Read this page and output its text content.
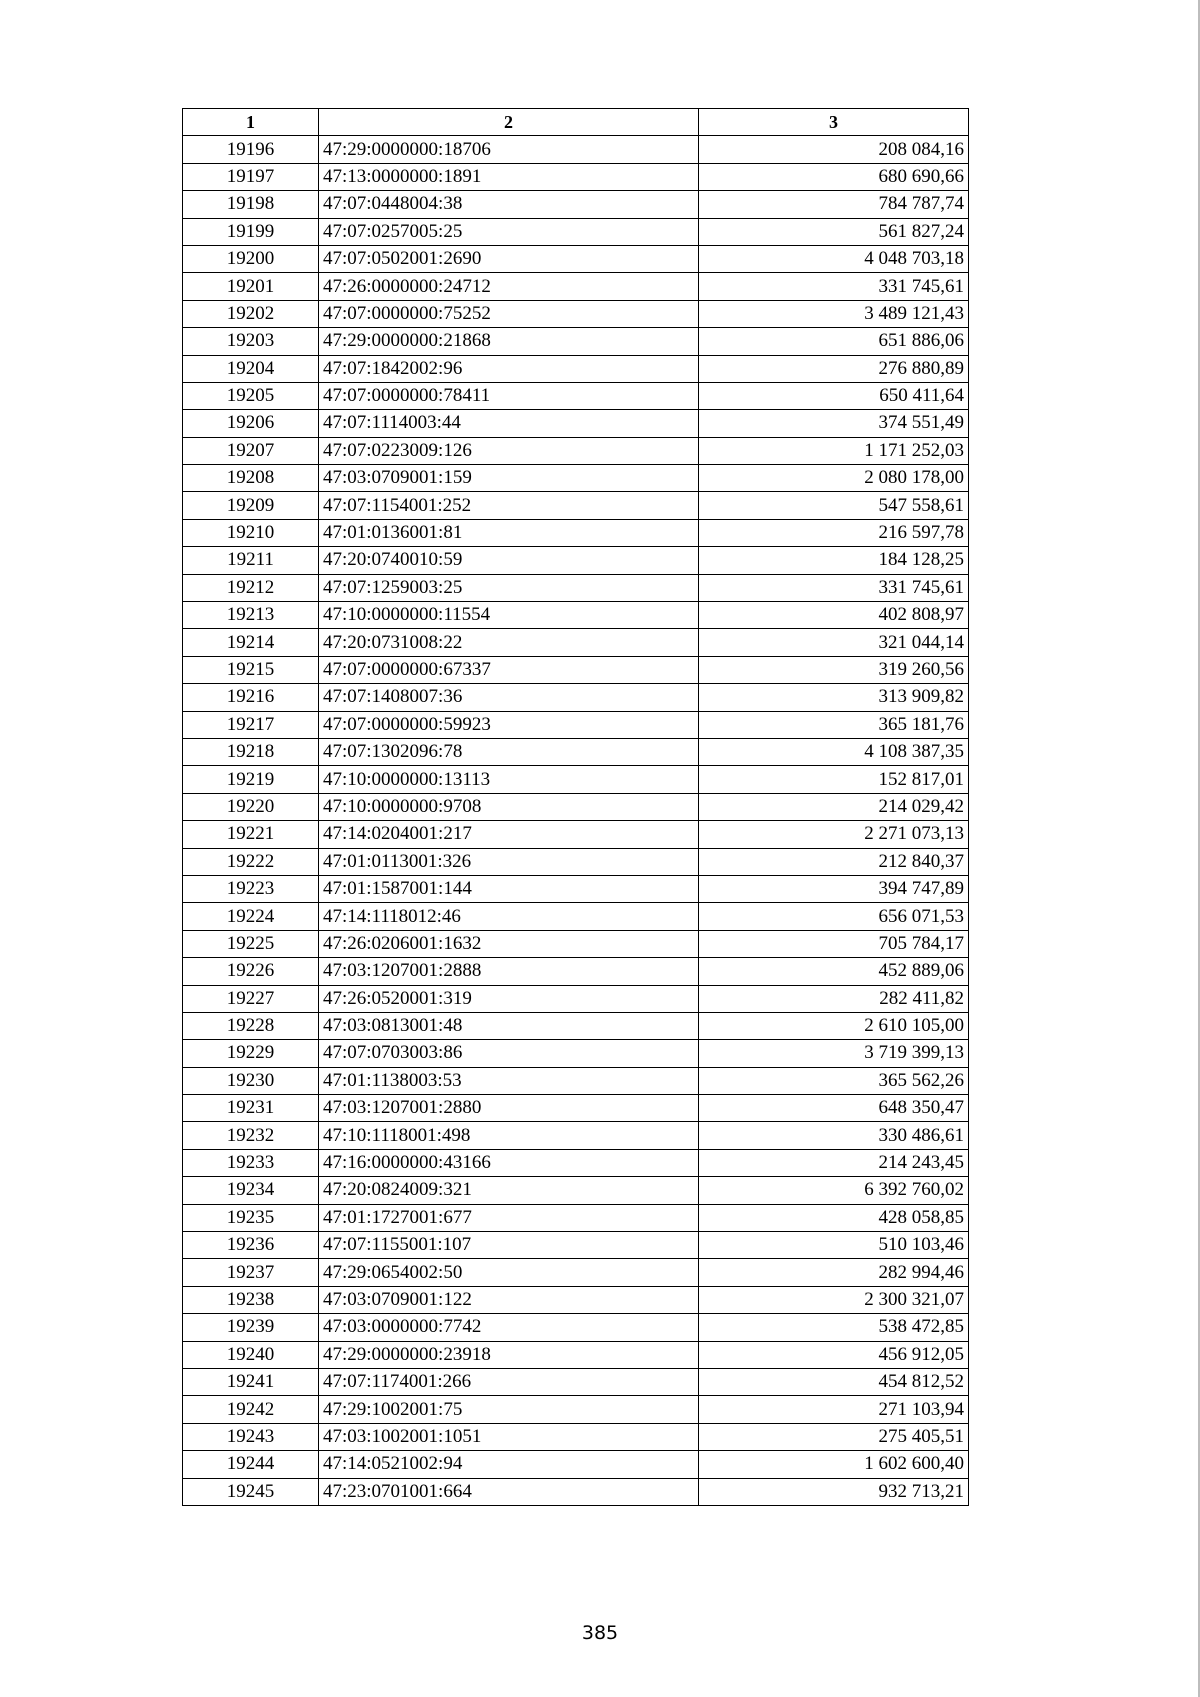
1	2	3
19196	47:29:0000000:18706	208 084,16
19197	47:13:0000000:1891	680 690,66
19198	47:07:0448004:38	784 787,74
19199	47:07:0257005:25	561 827,24
19200	47:07:0502001:2690	4 048 703,18
19201	47:26:0000000:24712	331 745,61
19202	47:07:0000000:75252	3 489 121,43
19203	47:29:0000000:21868	651 886,06
19204	47:07:1842002:96	276 880,89
19205	47:07:0000000:78411	650 411,64
19206	47:07:1114003:44	374 551,49
19207	47:07:0223009:126	1 171 252,03
19208	47:03:0709001:159	2 080 178,00
19209	47:07:1154001:252	547 558,61
19210	47:01:0136001:81	216 597,78
19211	47:20:0740010:59	184 128,25
19212	47:07:1259003:25	331 745,61
19213	47:10:0000000:11554	402 808,97
19214	47:20:0731008:22	321 044,14
19215	47:07:0000000:67337	319 260,56
19216	47:07:1408007:36	313 909,82
19217	47:07:0000000:59923	365 181,76
19218	47:07:1302096:78	4 108 387,35
19219	47:10:0000000:13113	152 817,01
19220	47:10:0000000:9708	214 029,42
19221	47:14:0204001:217	2 271 073,13
19222	47:01:0113001:326	212 840,37
19223	47:01:1587001:144	394 747,89
19224	47:14:1118012:46	656 071,53
19225	47:26:0206001:1632	705 784,17
19226	47:03:1207001:2888	452 889,06
19227	47:26:0520001:319	282 411,82
19228	47:03:0813001:48	2 610 105,00
19229	47:07:0703003:86	3 719 399,13
19230	47:01:1138003:53	365 562,26
19231	47:03:1207001:2880	648 350,47
19232	47:10:1118001:498	330 486,61
19233	47:16:0000000:43166	214 243,45
19234	47:20:0824009:321	6 392 760,02
19235	47:01:1727001:677	428 058,85
19236	47:07:1155001:107	510 103,46
19237	47:29:0654002:50	282 994,46
19238	47:03:0709001:122	2 300 321,07
19239	47:03:0000000:7742	538 472,85
19240	47:29:0000000:23918	456 912,05
19241	47:07:1174001:266	454 812,52
19242	47:29:1002001:75	271 103,94
19243	47:03:1002001:1051	275 405,51
19244	47:14:0521002:94	1 602 600,40
19245	47:23:0701001:664	932 713,21
385
